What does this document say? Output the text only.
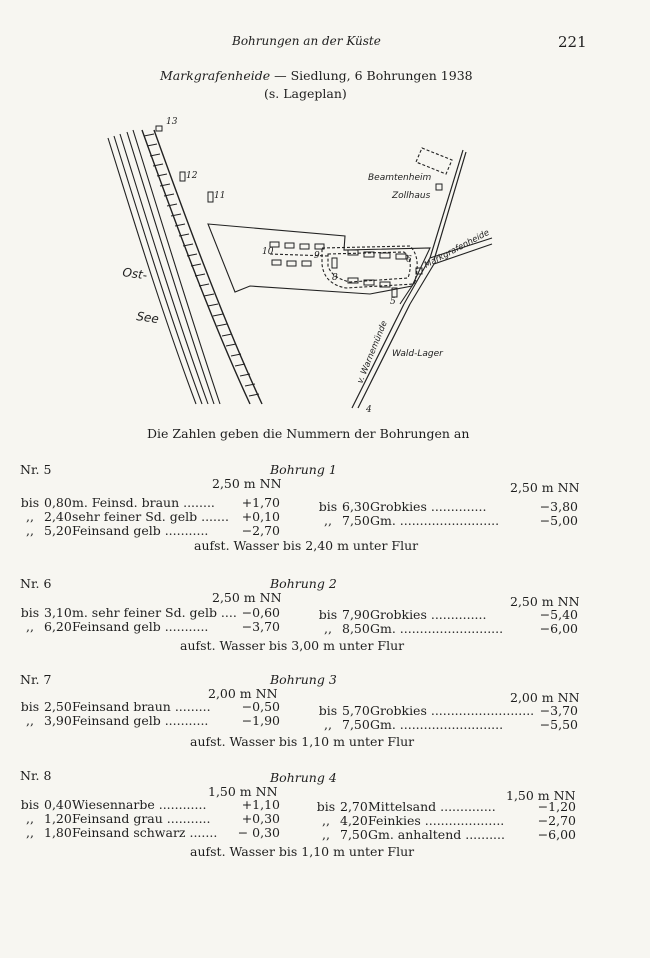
Bohrungen an der Küste	221
Markgrafenheide — Siedlung, 6 Bohrungen 1938
(s. Lageplan)
13
12
11
10	9
8
6
5
4
Ost-
See
Beamtenheim
Zollhaus
Markgrafenheide
Wald-Lager
v. Warnemünde
Die Zahlen geben die Nummern der Bohrungen an
Nr. 5	Bohrung 1
2,50 m NN	2,50 m NN
bis 0,80 m. Feinsd. braun ........ +1,70
,, 2,40 sehr feiner Sd. gelb ....... +0,10
,, 5,20 Feinsand gelb ...........	−2,70
bis 6,30 Grobkies ..............	−3,80
,, 7,50 Gm. .........................	−5,00
aufst. Wasser bis 2,40 m unter Flur
Nr. 6	Bohrung 2
2,50 m NN	2,50 m NN
bis 3,10 m. sehr feiner Sd. gelb .... −0,60
,, 6,20 Feinsand gelb ...........	−3,70
bis 7,90 Grobkies ..............	−5,40
,, 8,50 Gm. ..........................	−6,00
aufst. Wasser bis 3,00 m unter Flur
Nr. 7	Bohrung 3
2,00 m NN	2,00 m NN
bis 2,50 Feinsand braun ......... −0,50
,, 3,90 Feinsand gelb ...........	−1,90
bis 5,70 Grobkies .......................... −3,70
,, 7,50 Gm. ..........................	−5,50
aufst. Wasser bis 1,10 m unter Flur
Nr. 8	Bohrung 4
1,50 m NN	1,50 m NN
bis 0,40 Wiesennarbe ............	+1,10
,, 1,20 Feinsand grau ........... +0,30
,, 1,80 Feinsand schwarz ....... − 0,30
bis 2,70 Mittelsand ..............	−1,20
,, 4,20 Feinkies ....................	−2,70
,, 7,50 Gm. anhaltend ..........	−6,00
aufst. Wasser bis 1,10 m unter Flur
